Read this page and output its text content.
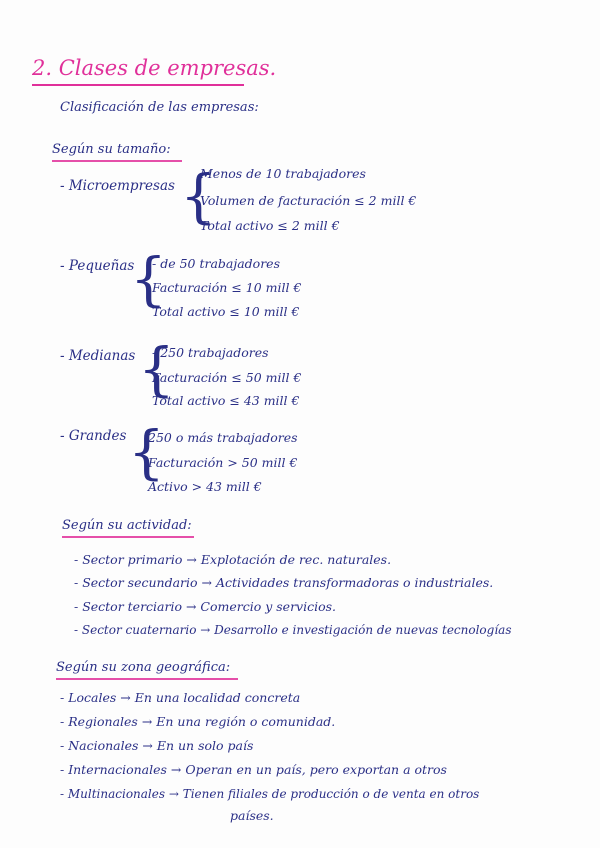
2. Clases de empresas.
Clasificación de las empresas:
Según su tamaño:
- Microempresas {
Menos de 10 trabajadores
Volumen de facturación ≤ 2 mill €
Total activo ≤ 2 mill €
- Pequeñas
{
- de 50 trabajadores
Facturación ≤ 10 mill €
Total activo ≤ 10 mill €
- Medianas {
- 250 trabajadores
Facturación ≤ 50 mill €
Total activo ≤ 43 mill €
- Grandes {
250 o más trabajadores
Facturación > 50 mill €
Activo > 43 mill €
Según su actividad:
- Sector primario → Explotación de rec. naturales.
- Sector secundario → Actividades transformadoras o industriales.
- Sector terciario → Comercio y servicios.
- Sector cuaternario → Desarrollo e investigación de nuevas tecnologías
Según su zona geográfica:
- Locales → En una localidad concreta
- Regionales → En una región o comunidad.
- Nacionales → En un solo país
- Internacionales → Operan en un país, pero exportan a otros
- Multinacionales → Tienen filiales de producción o de venta en otros
países.
